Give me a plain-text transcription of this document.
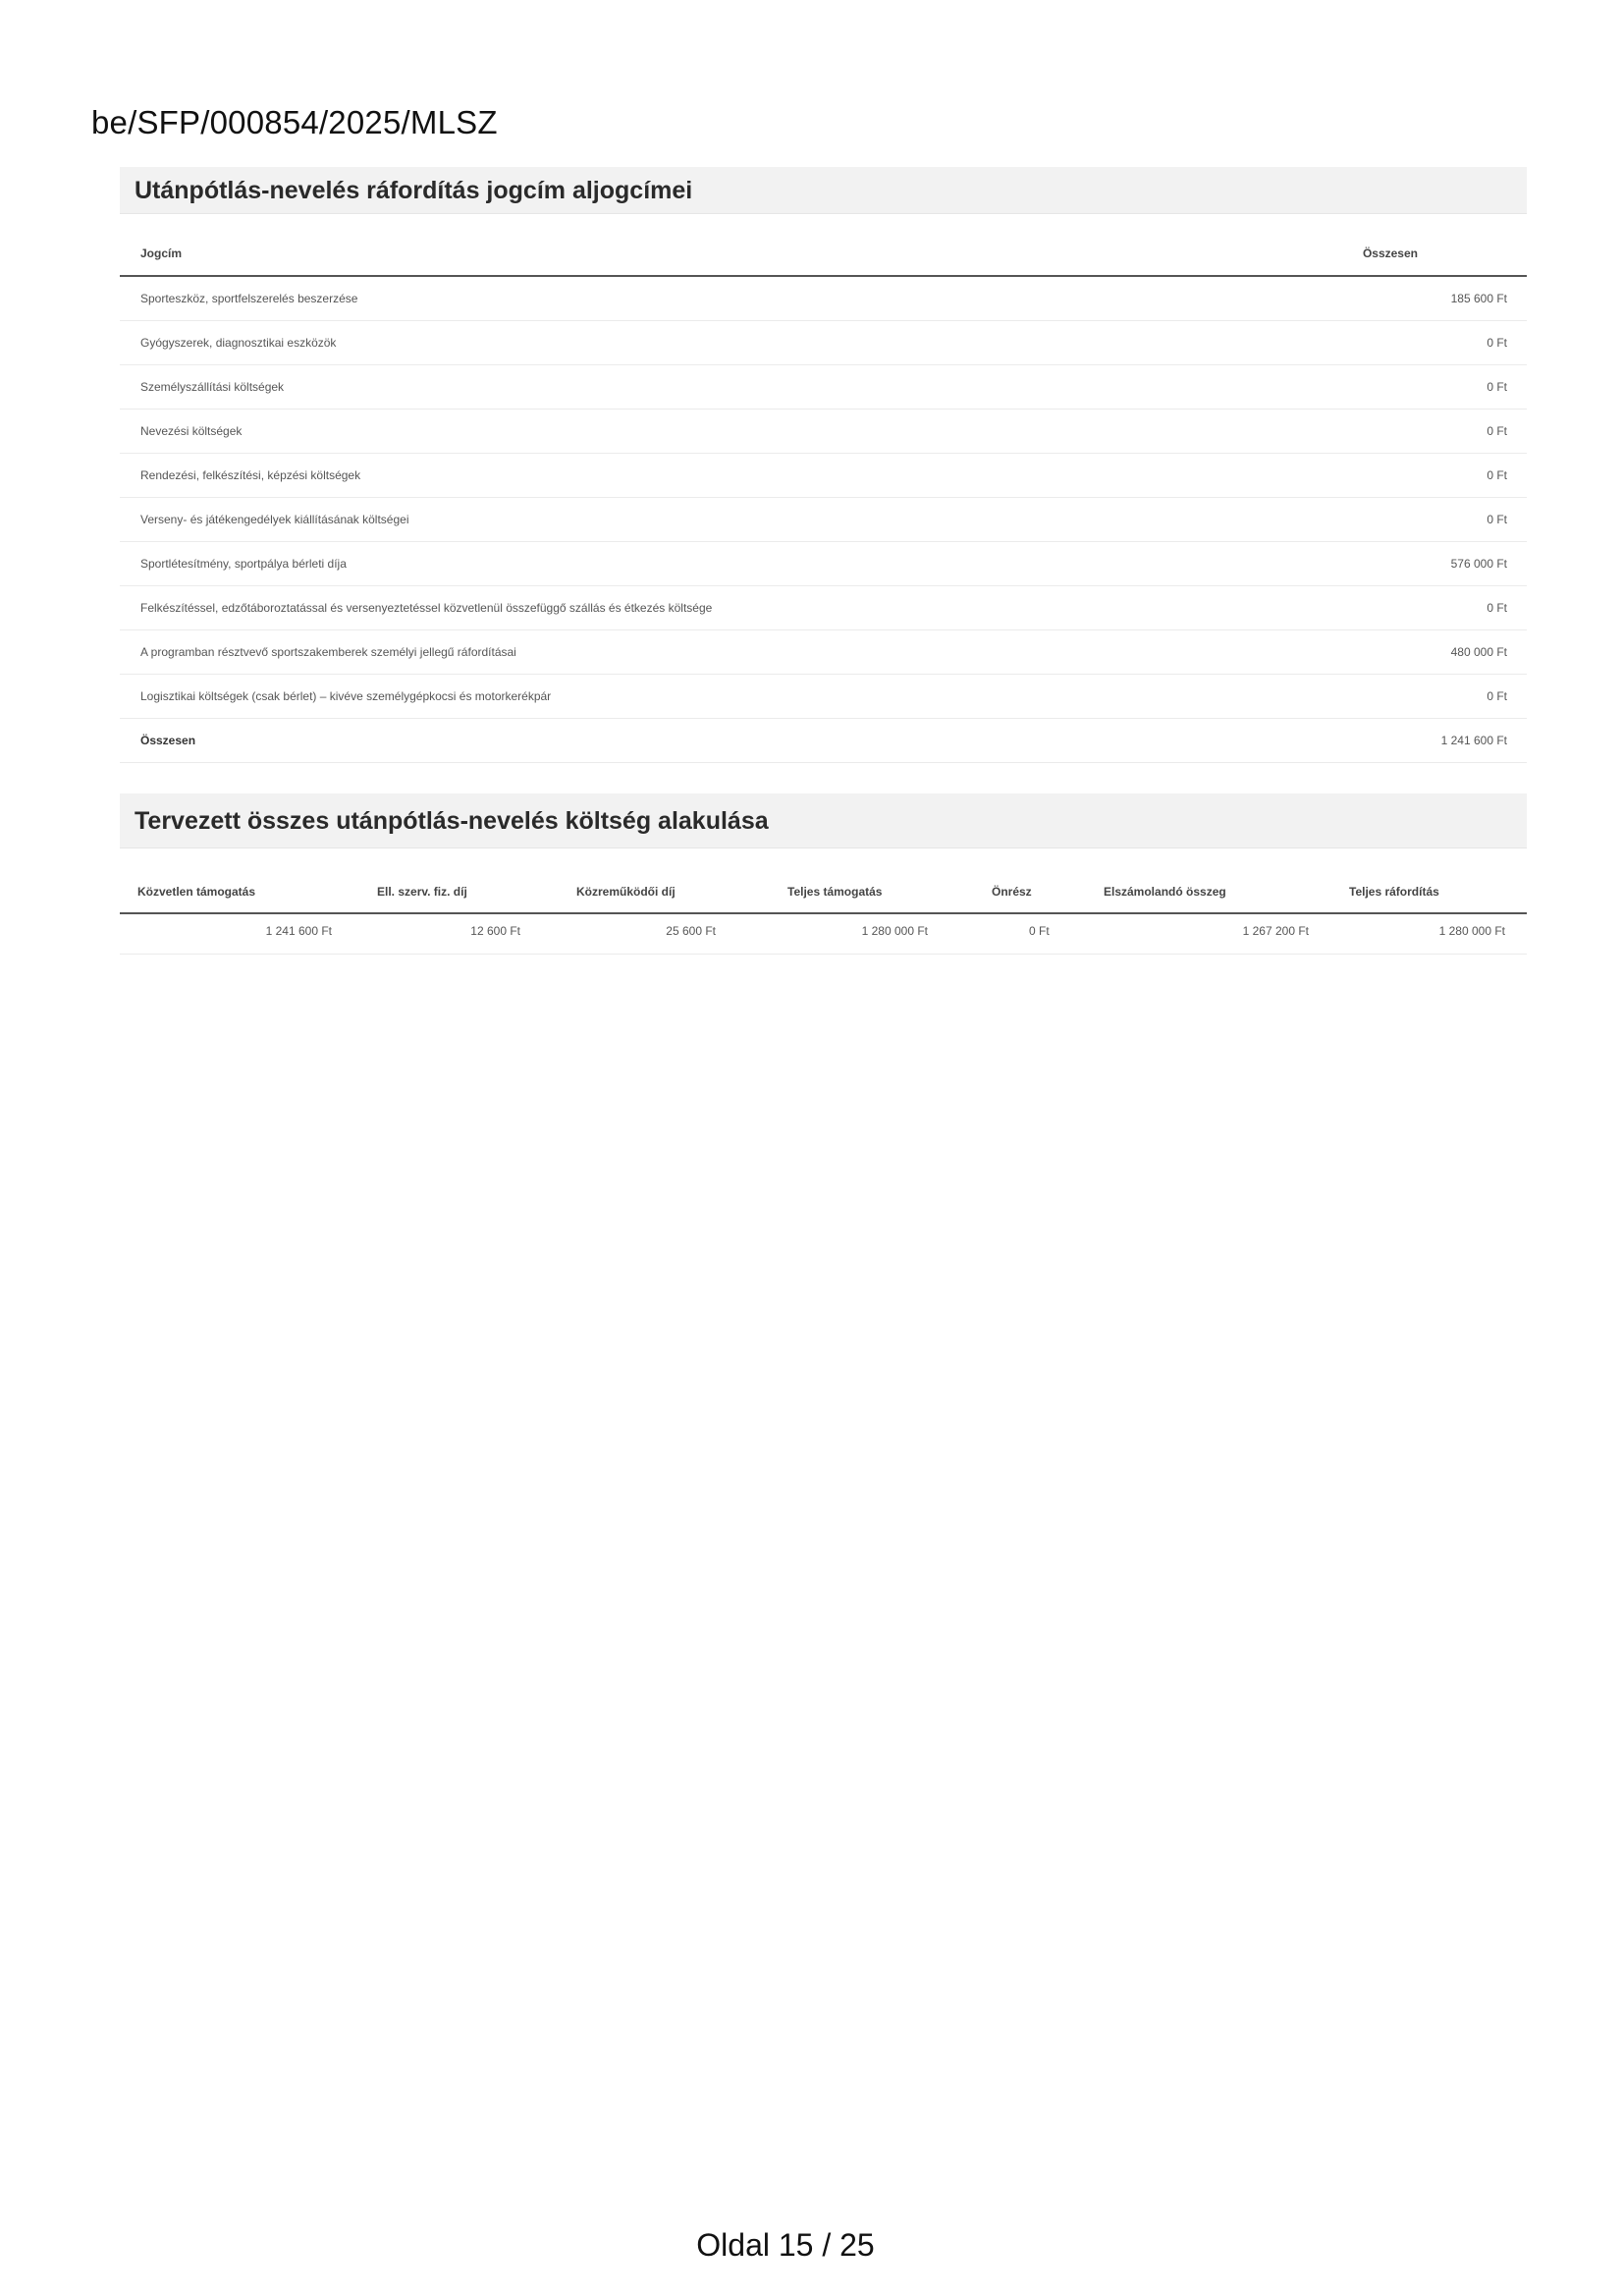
be/SFP/000854/2025/MLSZ
Utánpótlás-nevelés ráfordítás jogcím aljogcímei
Jogcím	Összesen
Sporteszköz, sportfelszerelés beszerzése	185 600 Ft
Gyógyszerek, diagnosztikai eszközök	0 Ft
Személyszállítási költségek	0 Ft
Nevezési költségek	0 Ft
Rendezési, felkészítési, képzési költségek	0 Ft
Verseny- és játékengedélyek kiállításának költségei	0 Ft
Sportlétesítmény, sportpálya bérleti díja	576 000 Ft
Felkészítéssel, edzőtáboroztatással és versenyeztetéssel közvetlenül összefüggő szállás és étkezés költsége	0 Ft
A programban résztvevő sportszakemberek személyi jellegű ráfordításai	480 000 Ft
Logisztikai költségek (csak bérlet) – kivéve személygépkocsi és motorkerékpár	0 Ft
Összesen	1 241 600 Ft
Tervezett összes utánpótlás-nevelés költség alakulása
Közvetlen támogatás	Ell. szerv. fiz. díj	Közreműködői díj	Teljes támogatás	Önrész	Elszámolandó összeg	Teljes ráfordítás
1 241 600 Ft	12 600 Ft	25 600 Ft	1 280 000 Ft	0 Ft	1 267 200 Ft	1 280 000 Ft
Oldal 15 / 25
